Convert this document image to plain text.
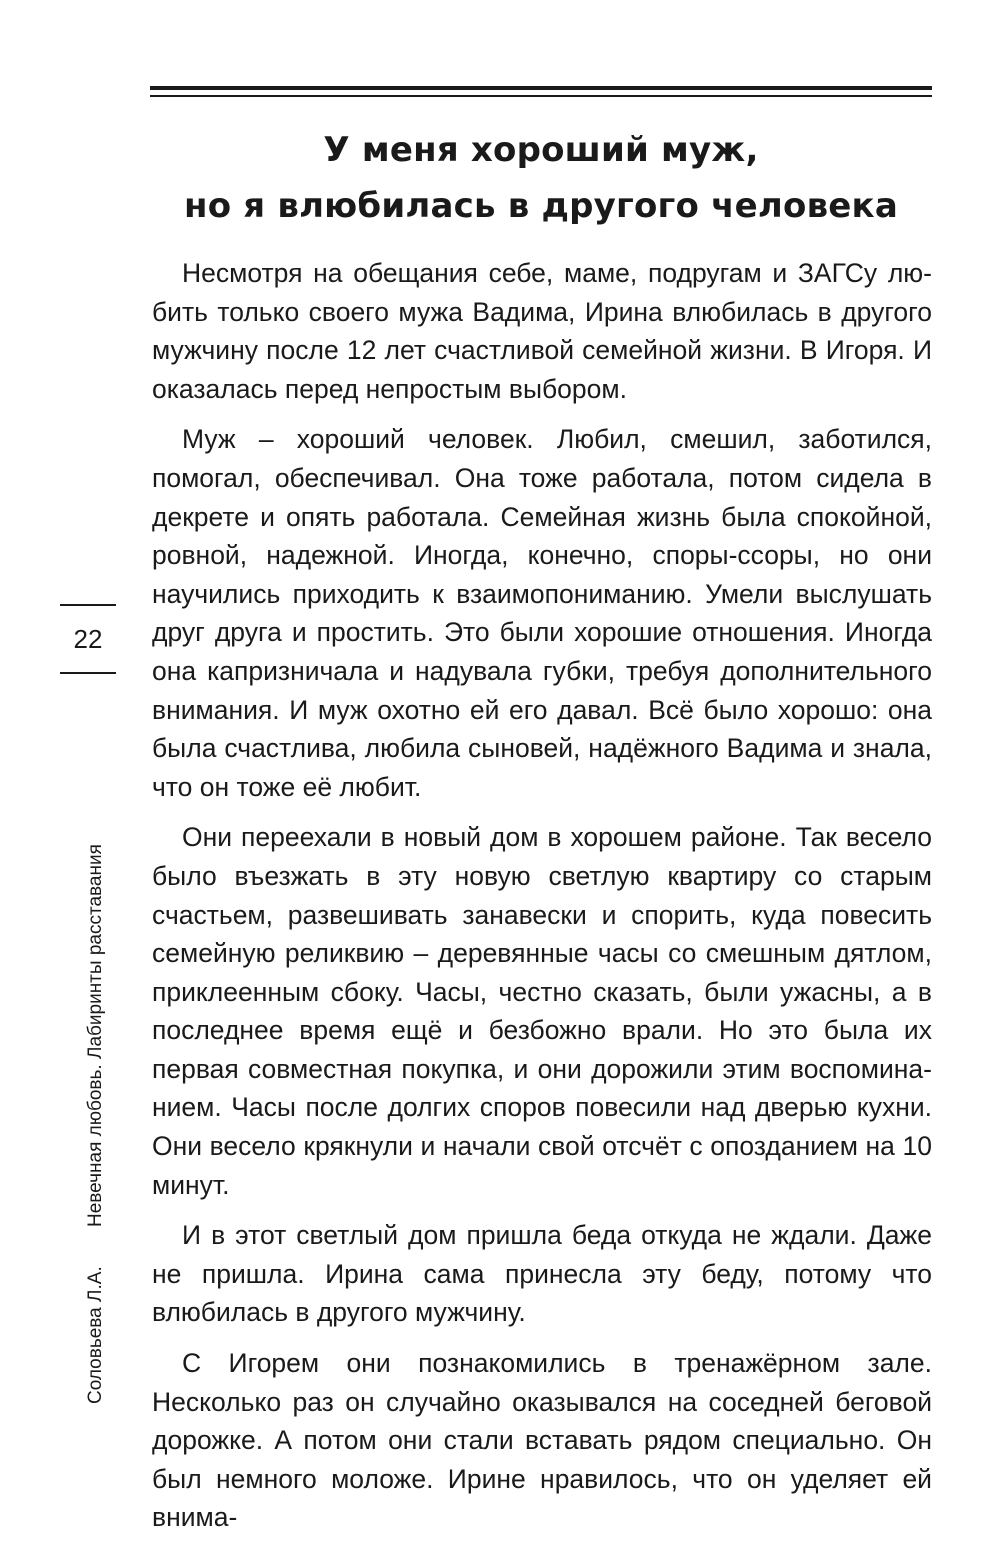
У меня хороший муж,
но я влюбилась в другого человека

Несмотря на обещания себе, маме, подругам и ЗАГСу любить только своего мужа Вадима, Ирина влюбилась в другого мужчину после 12 лет счастливой семейной жизни. В Игоря. И оказалась перед непростым выбором.

Муж – хороший человек. Любил, смешил, заботился, помогал, обеспечивал. Она тоже работала, потом сидела в декрете и опять работала. Семейная жизнь была спокойной, ровной, надежной. Иногда, конечно, споры-ссоры, но они научились приходить к взаимопониманию. Умели выслушать друг друга и простить. Это были хорошие отношения. Иногда она капризничала и надувала губки, требуя дополнительного внимания. И муж охотно ей его давал. Всё было хорошо: она была счастлива, любила сыновей, надёжного Вадима и знала, что он тоже её любит.

Они переехали в новый дом в хорошем районе. Так весело было въезжать в эту новую светлую квартиру со старым счастьем, развешивать занавески и спорить, куда повесить семейную реликвию – деревянные часы со смешным дятлом, приклеенным сбоку. Часы, честно сказать, были ужасны, а в последнее время ещё и безбожно врали. Но это была их первая совместная покупка, и они дорожили этим воспоминанием. Часы после долгих споров повесили над дверью кухни. Они весело крякнули и начали свой отсчёт с опозданием на 10 минут.

И в этот светлый дом пришла беда откуда не ждали. Даже не пришла. Ирина сама принесла эту беду, потому что влюбилась в другого мужчину.

С Игорем они познакомились в тренажёрном зале. Несколько раз он случайно оказывался на соседней беговой дорожке. А потом они стали вставать рядом специально. Он был немного моложе. Ирине нравилось, что он уделяет ей внима-

22
Соловьева Л.А. Невечная любовь. Лабиринты расставания
